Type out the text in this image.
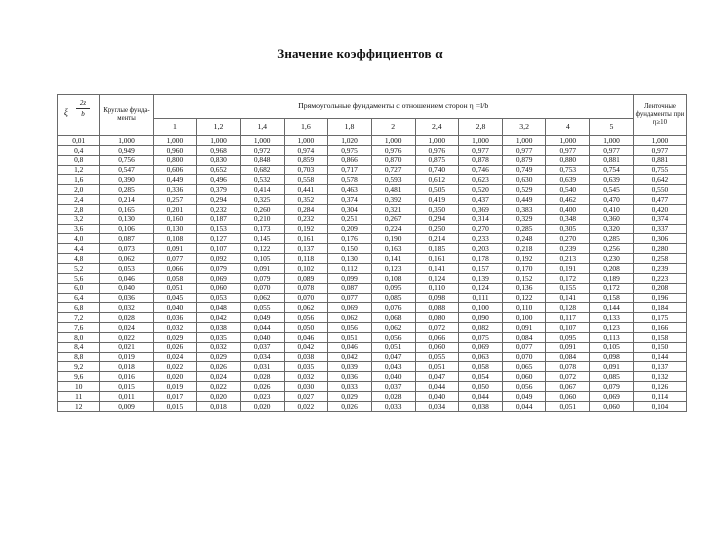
Значение коэффициентов α
ξ $\frac{2z}{b}$	Круглые фунда-менты	Прямоугольные фундаменты с отношением сторон η =l/b											Ленточные фундаменты при η≥10
		1	1,2	1,4	1,6	1,8	2	2,4	2,8	3,2	4	5	
0,01	1,000	1,000	1,000	1,000	1,000	1,020	1,000	1,000	1,000	1,000	1,000	1,000	1,000
0,4	0,949	0,960	0,968	0,972	0,974	0,975	0,976	0,976	0,977	0,977	0,977	0,977	0,977
0,8	0,756	0,800	0,830	0,848	0,859	0,866	0,870	0,875	0,878	0,879	0,880	0,881	0,881
1,2	0,547	0,606	0,652	0,682	0,703	0,717	0,727	0,740	0,746	0,749	0,753	0,754	0,755
1,6	0,390	0,449	0,496	0,532	0,558	0,578	0,593	0,612	0,623	0,630	0,639	0,639	0,642
2,0	0,285	0,336	0,379	0,414	0,441	0,463	0,481	0,505	0,520	0,529	0,540	0,545	0,550
2,4	0,214	0,257	0,294	0,325	0,352	0,374	0,392	0,419	0,437	0,449	0,462	0,470	0,477
2,8	0,165	0,201	0,232	0,260	0,284	0,304	0,321	0,350	0,369	0,383	0,400	0,410	0,420
3,2	0,130	0,160	0,187	0,210	0,232	0,251	0,267	0,294	0,314	0,329	0,348	0,360	0,374
3,6	0,106	0,130	0,153	0,173	0,192	0,209	0,224	0,250	0,270	0,285	0,305	0,320	0,337
4,0	0,087	0,108	0,127	0,145	0,161	0,176	0,190	0,214	0,233	0,248	0,270	0,285	0,306
4,4	0,073	0,091	0,107	0,122	0,137	0,150	0,163	0,185	0,203	0,218	0,239	0,256	0,280
4,8	0,062	0,077	0,092	0,105	0,118	0,130	0,141	0,161	0,178	0,192	0,213	0,230	0,258
5,2	0,053	0,066	0,079	0,091	0,102	0,112	0,123	0,141	0,157	0,170	0,191	0,208	0,239
5,6	0,046	0,058	0,069	0,079	0,089	0,099	0,108	0,124	0,139	0,152	0,172	0,189	0,223
6,0	0,040	0,051	0,060	0,070	0,078	0,087	0,095	0,110	0,124	0,136	0,155	0,172	0,208
6,4	0,036	0,045	0,053	0,062	0,070	0,077	0,085	0,098	0,111	0,122	0,141	0,158	0,196
6,8	0,032	0,040	0,048	0,055	0,062	0,069	0,076	0,088	0,100	0,110	0,128	0,144	0,184
7,2	0,028	0,036	0,042	0,049	0,056	0,062	0,068	0,080	0,090	0,100	0,117	0,133	0,175
7,6	0,024	0,032	0,038	0,044	0,050	0,056	0,062	0,072	0,082	0,091	0,107	0,123	0,166
8,0	0,022	0,029	0,035	0,040	0,046	0,051	0,056	0,066	0,075	0,084	0,095	0,113	0,158
8,4	0,021	0,026	0,032	0,037	0,042	0,046	0,051	0,060	0,069	0,077	0,091	0,105	0,150
8,8	0,019	0,024	0,029	0,034	0,038	0,042	0,047	0,055	0,063	0,070	0,084	0,098	0,144
9,2	0,018	0,022	0,026	0,031	0,035	0,039	0,043	0,051	0,058	0,065	0,078	0,091	0,137
9,6	0,016	0,020	0,024	0,028	0,032	0,036	0,040	0,047	0,054	0,060	0,072	0,085	0,132
10	0,015	0,019	0,022	0,026	0,030	0,033	0,037	0,044	0,050	0,056	0,067	0,079	0,126
11	0,011	0,017	0,020	0,023	0,027	0,029	0,028	0,040	0,044	0,049	0,060	0,069	0,114
12	0,009	0,015	0,018	0,020	0,022	0,026	0,033	0,034	0,038	0,044	0,051	0,060	0,104
